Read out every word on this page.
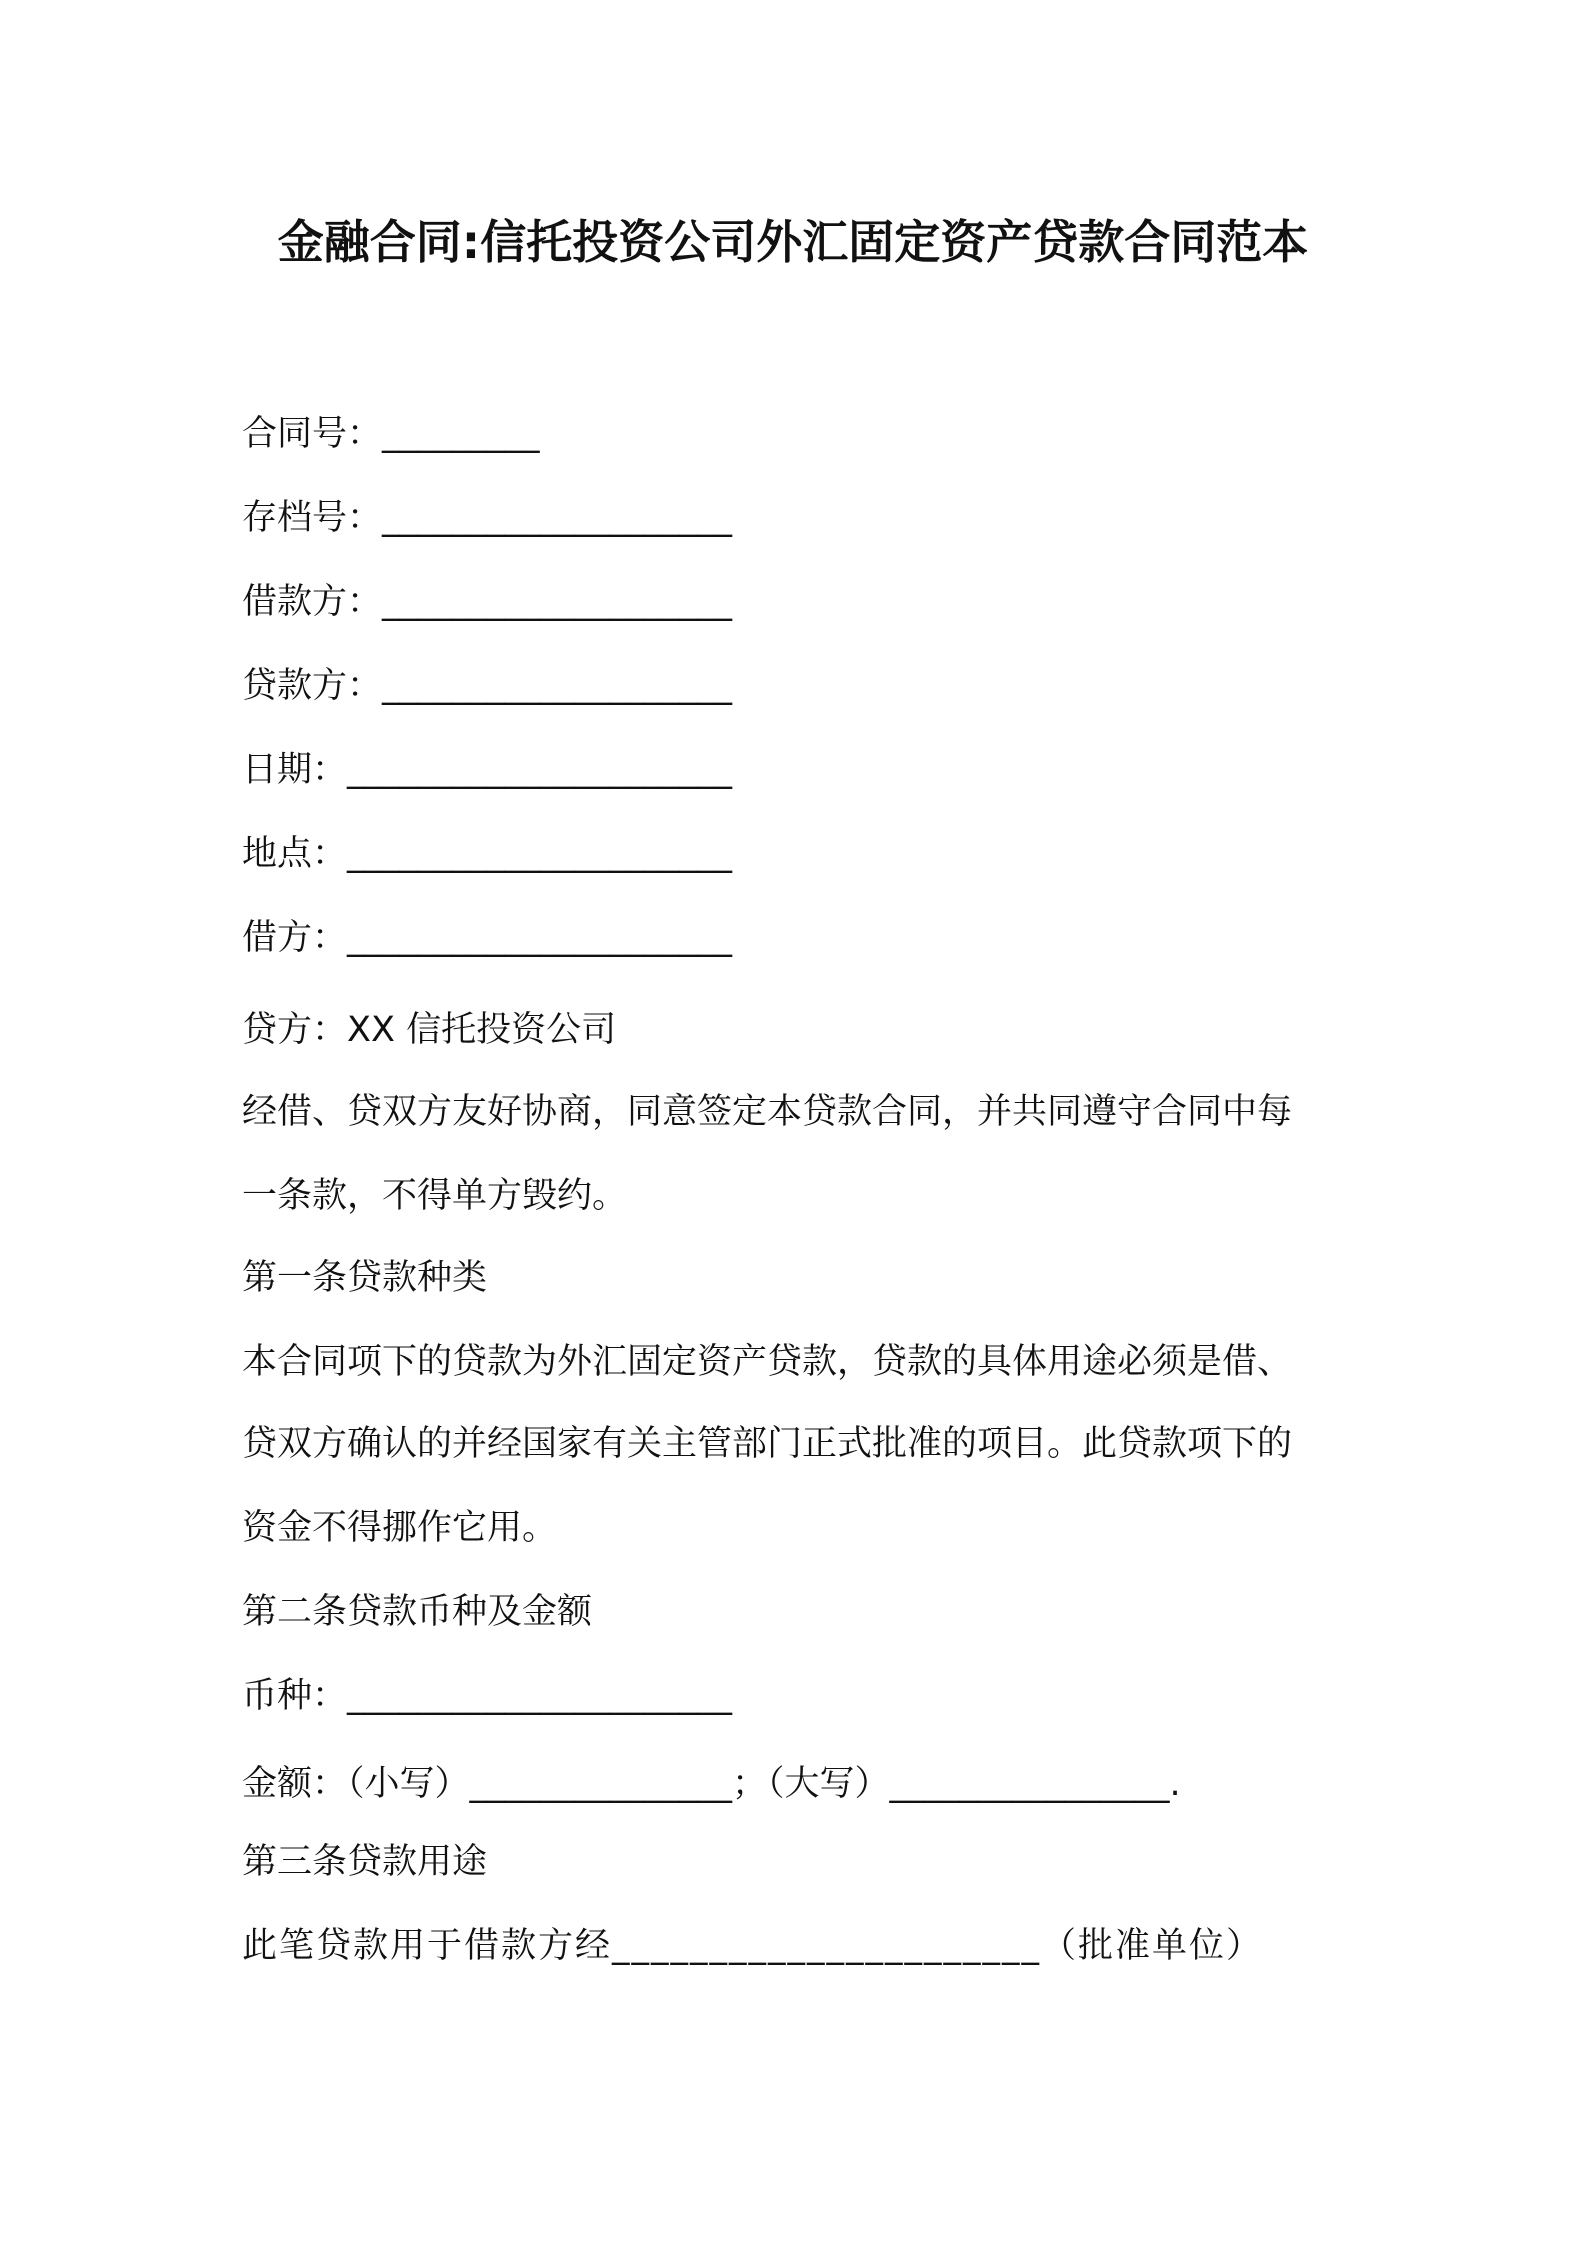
金融合同:信托投资公司外汇固定资产贷款合同范本
合同号：_________
存档号：____________________
借款方：____________________
贷款方：____________________
日期：______________________
地点：______________________
借方：______________________
贷方：XX 信托投资公司
经借、贷双方友好协商，同意签定本贷款合同，并共同遵守合同中每
一条款，不得单方毁约。
第一条贷款种类
本合同项下的贷款为外汇固定资产贷款，贷款的具体用途必须是借、
贷双方确认的并经国家有关主管部门正式批准的项目。此贷款项下的
资金不得挪作它用。
第二条贷款币种及金额
币种：______________________
金额：（小写）_______________；（大写）________________.
第三条贷款用途
此笔贷款用于借款方经______________________（批准单位）
